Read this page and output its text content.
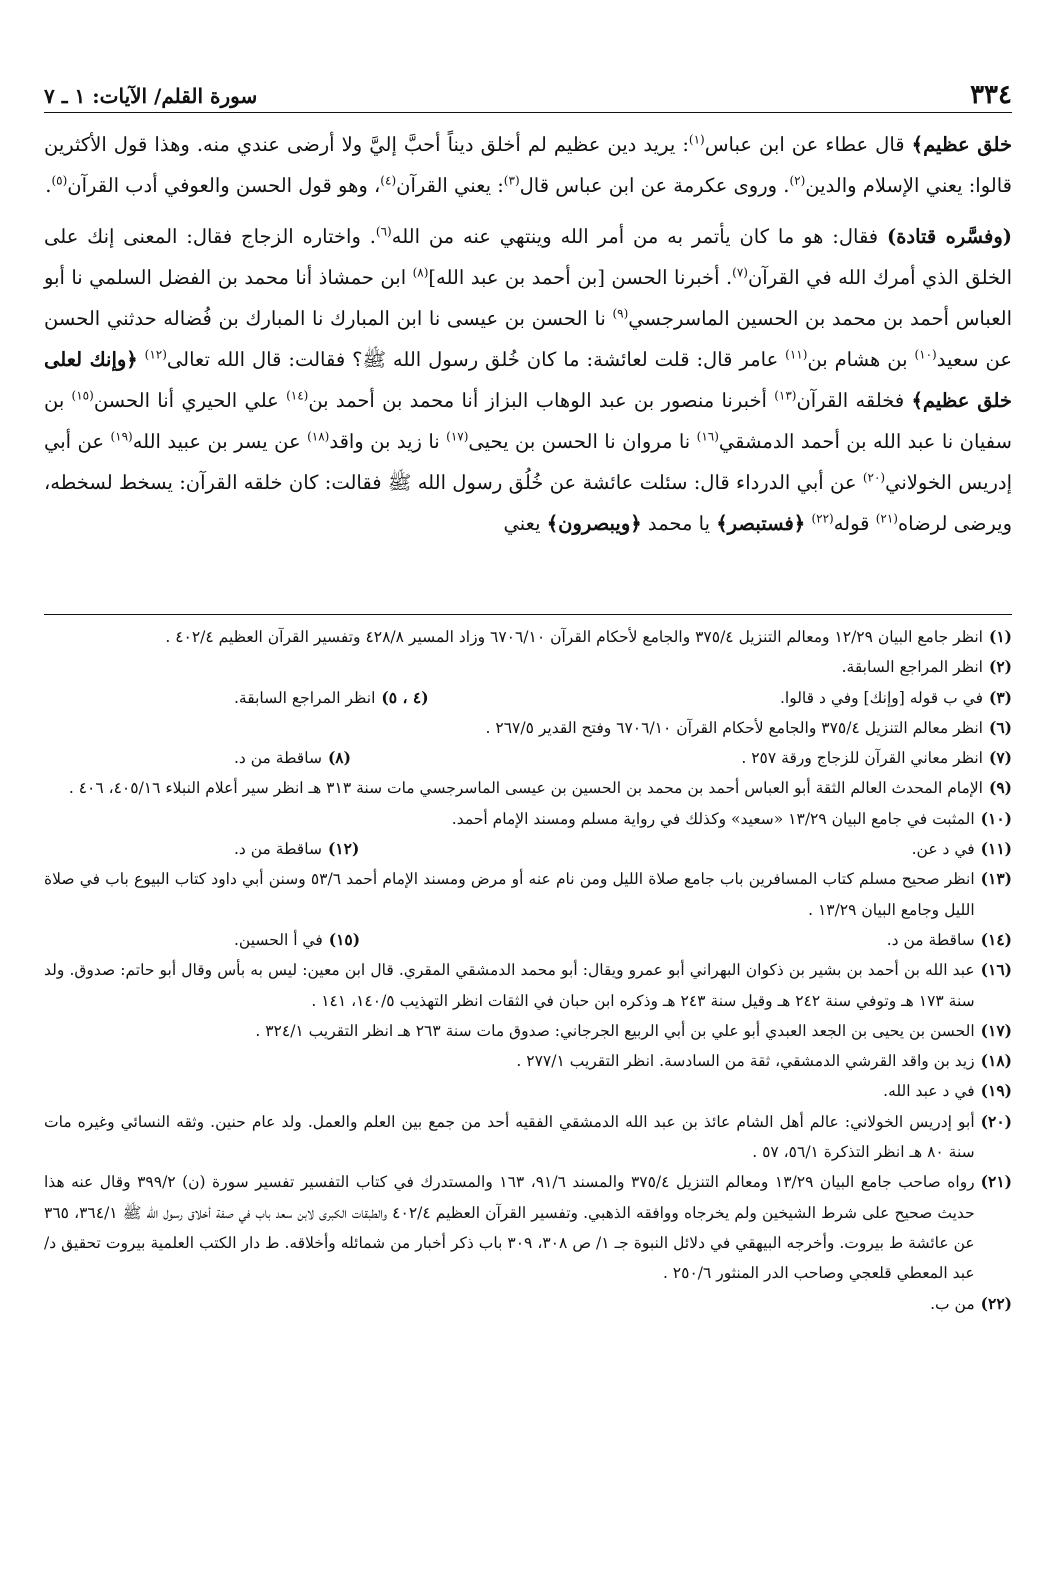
٣٣٤
سورة القلم/ الآيات: ١ ـ ٧

خلق عظيم﴾ قال عطاء عن ابن عباس$^{(١)}$: يريد دين عظيم لم أخلق ديناً أحبَّ إليَّ ولا أرضى عندي منه. وهذا قول الأكثرين قالوا: يعني الإسلام والدين$^{(٢)}$. وروى عكرمة عن ابن عباس قال$^{(٣)}$: يعني القرآن$^{(٤)}$، وهو قول الحسن والعوفي أدب القرآن$^{(٥)}$.

(وفسَّره قتادة) فقال: هو ما كان يأتمر به من أمر الله وينتهي عنه من الله$^{(٦)}$. واختاره الزجاج فقال: المعنى إنك على الخلق الذي أمرك الله في القرآن$^{(٧)}$. أخبرنا الحسن [بن أحمد بن عبد الله]$^{(٨)}$ ابن حمشاذ أنا محمد بن الفضل السلمي نا أبو العباس أحمد بن محمد بن الحسين الماسرجسي$^{(٩)}$ نا الحسن بن عيسى نا ابن المبارك نا المبارك بن فُضاله حدثني الحسن عن سعيد$^{(١٠)}$ بن هشام بن$^{(١١)}$ عامر قال: قلت لعائشة: ما كان خُلق رسول الله ﷺ؟ فقالت: قال الله تعالى$^{(١٢)}$ ﴿وإنك لعلى خلق عظيم﴾ فخلقه القرآن$^{(١٣)}$ أخبرنا منصور بن عبد الوهاب البزاز أنا محمد بن أحمد بن$^{(١٤)}$ علي الحيري أنا الحسن$^{(١٥)}$ بن سفيان نا عبد الله بن أحمد الدمشقي$^{(١٦)}$ نا مروان نا الحسن بن يحيى$^{(١٧)}$ نا زيد بن واقد$^{(١٨)}$ عن يسر بن عبيد الله$^{(١٩)}$ عن أبي إدريس الخولاني$^{(٢٠)}$ عن أبي الدرداء قال: سئلت عائشة عن خُلُق رسول الله ﷺ فقالت: كان خلقه القرآن: يسخط لسخطه، ويرضى لرضاه$^{(٢١)}$ قوله$^{(٢٢)}$ ﴿فستبصر﴾ يا محمد ﴿ويبصرون﴾ يعني

(١)
انظر جامع البيان ١٢/٢٩ ومعالم التنزيل ٣٧٥/٤ والجامع لأحكام القرآن ٦٧٠٦/١٠ وزاد المسير ٤٢٨/٨ وتفسير القرآن العظيم ٤٠٢/٤ .
(٢)
انظر المراجع السابقة.
(٣)
في ب قوله [وإنك] وفي د قالوا.
(٤ ، ٥)
انظر المراجع السابقة.
(٦)
انظر معالم التنزيل ٣٧٥/٤ والجامع لأحكام القرآن ٦٧٠٦/١٠ وفتح القدير ٢٦٧/٥ .
(٧)
انظر معاني القرآن للزجاج ورقة ٢٥٧ .
(٨)
ساقطة من د.
(٩)
الإمام المحدث العالم الثقة أبو العباس أحمد بن محمد بن الحسين بن عيسى الماسرجسي مات سنة ٣١٣ هـ انظر سير أعلام النبلاء ٤٠٥/١٦، ٤٠٦ .
(١٠)
المثبت في جامع البيان ١٣/٢٩ «سعيد» وكذلك في رواية مسلم ومسند الإمام أحمد.
(١١)
في د عن.
(١٢)
ساقطة من د.
(١٣)
انظر صحيح مسلم كتاب المسافرين باب جامع صلاة الليل ومن نام عنه أو مرض ومسند الإمام أحمد ٥٣/٦ وسنن أبي داود كتاب البيوع باب في صلاة الليل وجامع البيان ١٣/٢٩ .
(١٤)
ساقطة من د.
(١٥)
في أ الحسين.
(١٦)
عبد الله بن أحمد بن بشير بن ذكوان البهراني أبو عمرو ويقال: أبو محمد الدمشقي المقري. قال ابن معين: ليس به بأس وقال أبو حاتم: صدوق. ولد سنة ١٧٣ هـ وتوفي سنة ٢٤٢ هـ وقيل سنة ٢٤٣ هـ وذكره ابن حبان في الثقات انظر التهذيب ١٤٠/٥، ١٤١ .
(١٧)
الحسن بن يحيى بن الجعد العبدي أبو علي بن أبي الربيع الجرجاني: صدوق مات سنة ٢٦٣ هـ انظر التقريب ٣٢٤/١ .
(١٨)
زيد بن واقد القرشي الدمشقي، ثقة من السادسة. انظر التقريب ٢٧٧/١ .
(١٩)
في د عبد الله.
(٢٠)
أبو إدريس الخولاني: عالم أهل الشام عائذ بن عبد الله الدمشقي الفقيه أحد من جمع بين العلم والعمل. ولد عام حنين. وثقه النسائي وغيره مات سنة ٨٠ هـ انظر التذكرة ٥٦/١، ٥٧ .
(٢١)
رواه صاحب جامع البيان ١٣/٢٩ ومعالم التنزيل ٣٧٥/٤ والمسند ٩١/٦، ١٦٣ والمستدرك في كتاب التفسير تفسير سورة (ن) ٣٩٩/٢ وقال عنه هذا حديث صحيح على شرط الشيخين ولم يخرجاه ووافقه الذهبي. وتفسير القرآن العظيم ٤٠٢/٤ والطبقات الكبرى لابن سعد باب في صفة أخلاق رسول الله ﷺ ٣٦٤/١، ٣٦٥ عن عائشة ط بيروت. وأخرجه البيهقي في دلائل النبوة جـ ١/ ص ٣٠٨، ٣٠٩ باب ذكر أخبار من شمائله وأخلاقه. ط دار الكتب العلمية بيروت تحقيق د/عبد المعطي قلعجي وصاحب الدر المنثور ٢٥٠/٦ .
(٢٢)
من ب.
